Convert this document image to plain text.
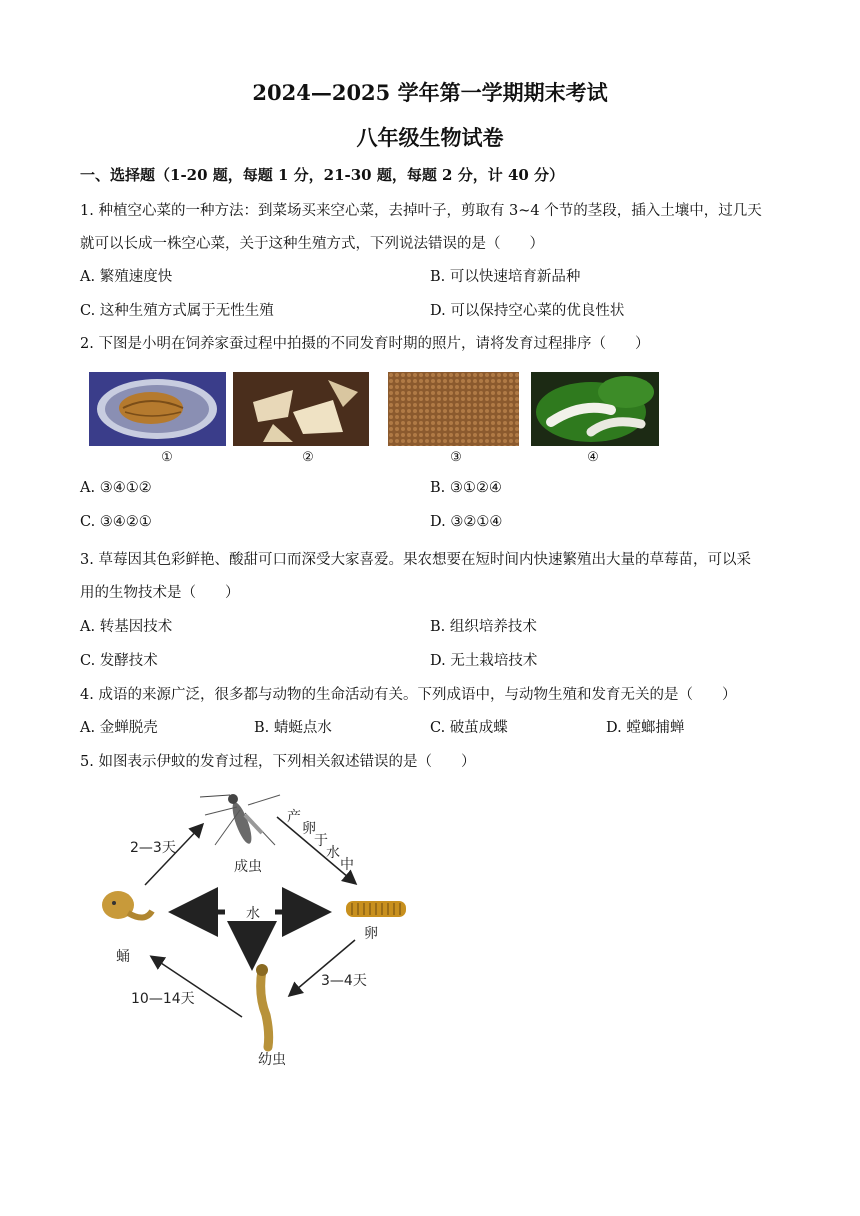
2024—2025 学年第一学期期末考试
八年级生物试卷
一、选择题（1-20 题，每题 1 分，21-30 题，每题 2 分，计 40 分）
1. 种植空心菜的一种方法：到菜场买来空心菜，去掉叶子，剪取有 3~4 个节的茎段，插入土壤中，过几天
就可以长成一株空心菜，关于这种生殖方式，下列说法错误的是（　　）
A. 繁殖速度快	B. 可以快速培育新品种
C. 这种生殖方式属于无性生殖	D. 可以保持空心菜的优良性状
2. 下图是小明在饲养家蚕过程中拍摄的不同发育时期的照片，请将发育过程排序（　　）
①	②	③	④
A. ③④①②	B. ③①②④
C. ③④②①	D. ③②①④
3. 草莓因其色彩鲜艳、酸甜可口而深受大家喜爱。果农想要在短时间内快速繁殖出大量的草莓苗，可以采
用的生物技术是（　　）
A. 转基因技术	B. 组织培养技术
C. 发酵技术	D. 无土栽培技术
4. 成语的来源广泛，很多都与动物的生命活动有关。下列成语中，与动物生殖和发育无关的是（　　）
A. 金蝉脱壳	B. 蜻蜓点水	C. 破茧成蝶	D. 螳螂捕蝉
5. 如图表示伊蚊的发育过程，下列相关叙述错误的是（　　）
成虫
卵
蛹
幼虫
水
2—3天
3—4天
10—14天
产
卵
于
水
中
